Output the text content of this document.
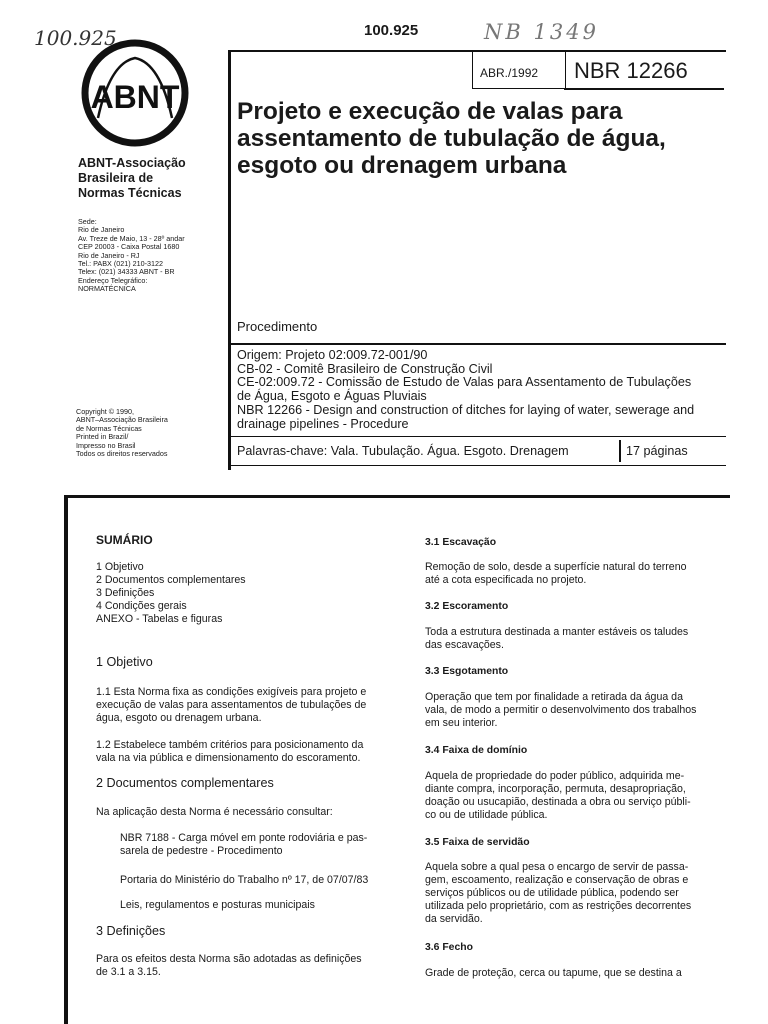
100.925	NB 1349
ABNT
ABNT-Associação
Brasileira de
Normas Técnicas
Sede:
Rio de Janeiro
Av. Treze de Maio, 13 - 28º andar
CEP 20003 - Caixa Postal 1680
Rio de Janeiro - RJ
Tel.: PABX (021) 210-3122
Telex: (021) 34333 ABNT - BR
Endereço Telegráfico:
NORMATÉCNICA
Copyright © 1990,
ABNT–Associação Brasileira
de Normas Técnicas
Printed in Brazil/
Impresso no Brasil
Todos os direitos reservados
100.925
ABR./1992 NBR 12266
Projeto e execução de valas para
assentamento de tubulação de água,
esgoto ou drenagem urbana
Procedimento
Origem: Projeto 02:009.72-001/90
CB-02 - Comitê Brasileiro de Construção Civil
CE-02:009.72 - Comissão de Estudo de Valas para Assentamento de Tubulações
de Água, Esgoto e Águas Pluviais
NBR 12266 - Design and construction of ditches for laying of water, sewerage and
drainage pipelines - Procedure
Palavras-chave: Vala. Tubulação. Água. Esgoto. Drenagem	17 páginas
SUMÁRIO
1 Objetivo
2 Documentos complementares
3 Definições
4 Condições gerais
ANEXO - Tabelas e figuras
1 Objetivo
1.1 Esta Norma fixa as condições exigíveis para projeto e
execução de valas para assentamentos de tubulações de
água, esgoto ou drenagem urbana.
1.2 Estabelece também critérios para posicionamento da
vala na via pública e dimensionamento do escoramento.
2 Documentos complementares
Na aplicação desta Norma é necessário consultar:
NBR 7188 - Carga móvel em ponte rodoviária e pas-
sarela de pedestre - Procedimento
Portaria do Ministério do Trabalho nº 17, de 07/07/83
Leis, regulamentos e posturas municipais
3 Definições
Para os efeitos desta Norma são adotadas as definições
de 3.1 a 3.15.
3.1 Escavação
Remoção de solo, desde a superfície natural do terreno
até a cota especificada no projeto.
3.2 Escoramento
Toda a estrutura destinada a manter estáveis os taludes
das escavações.
3.3 Esgotamento
Operação que tem por finalidade a retirada da água da
vala, de modo a permitir o desenvolvimento dos trabalhos
em seu interior.
3.4 Faixa de domínio
Aquela de propriedade do poder público, adquirida me-
diante compra, incorporação, permuta, desapropriação,
doação ou usucapião, destinada a obra ou serviço públi-
co ou de utilidade pública.
3.5 Faixa de servidão
Aquela sobre a qual pesa o encargo de servir de passa-
gem, escoamento, realização e conservação de obras e
serviços públicos ou de utilidade pública, podendo ser
utilizada pelo proprietário, com as restrições decorrentes
da servidão.
3.6 Fecho
Grade de proteção, cerca ou tapume, que se destina a
